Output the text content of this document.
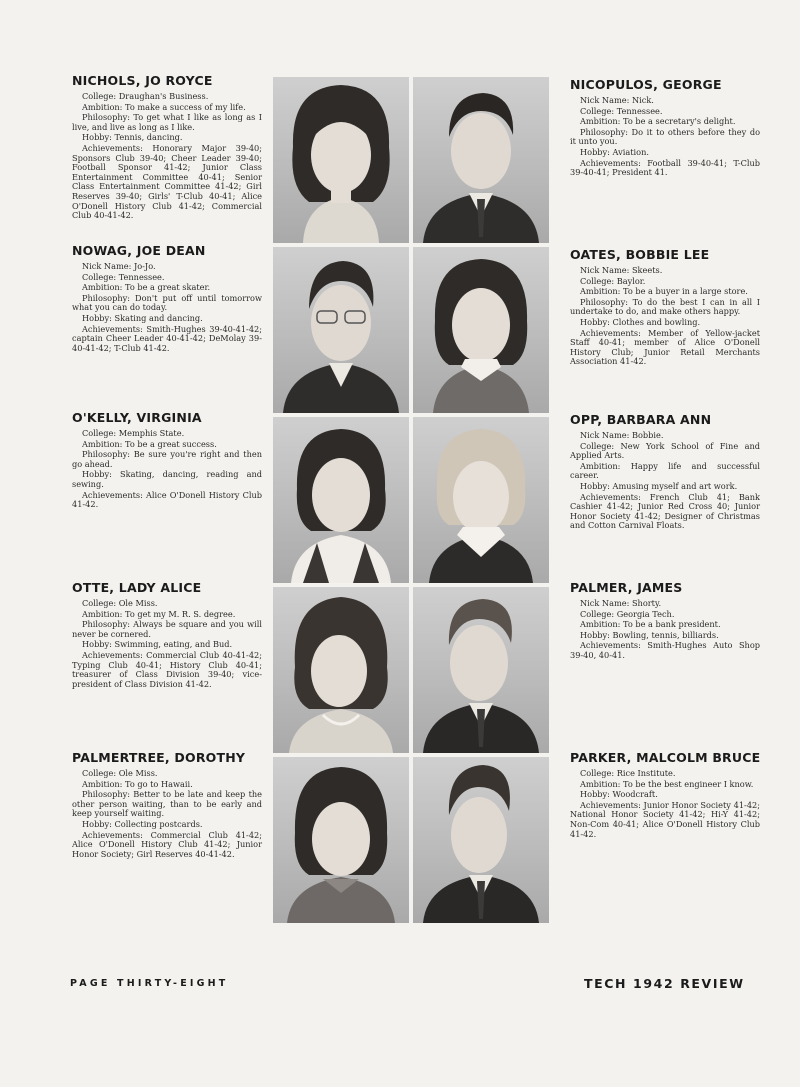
NICHOLS, JO ROYCE

College: Draughan's Business.

Ambition: To make a success of my life.

Philosophy: To get what I like as long as I live, and live as long as I like.

Hobby: Tennis, dancing.

Achievements: Honorary Major 39-40; Sponsors Club 39-40; Cheer Leader 39-40; Football Sponsor 41-42; Junior Class Entertainment Committee 40-41; Senior Class Entertainment Committee 41-42; Girl Reserves 39-40; Girls' T-Club 40-41; Alice O'Donell History Club 41-42; Commercial Club 40-41-42.

NOWAG, JOE DEAN

Nick Name: Jo-Jo.

College: Tennessee.

Ambition: To be a great skater.

Philosophy: Don't put off until tomorrow what you can do today.

Hobby: Skating and dancing.

Achievements: Smith-Hughes 39-40-41-42; captain Cheer Leader 40-41-42; DeMolay 39-40-41-42; T-Club 41-42.

O'KELLY, VIRGINIA

College: Memphis State.

Ambition: To be a great success.

Philosophy: Be sure you're right and then go ahead.

Hobby: Skating, dancing, reading and sewing.

Achievements: Alice O'Donell History Club 41-42.

OTTE, LADY ALICE

College: Ole Miss.

Ambition: To get my M. R. S. degree.

Philosophy: Always be square and you will never be cornered.

Hobby: Swimming, eating, and Bud.

Achievements: Commercial Club 40-41-42; Typing Club 40-41; History Club 40-41; treasurer of Class Division 39-40; vice-president of Class Division 41-42.

PALMERTREE, DOROTHY

College: Ole Miss.

Ambition: To go to Hawaii.

Philosophy: Better to be late and keep the other person waiting, than to be early and keep yourself waiting.

Hobby: Collecting postcards.

Achievements: Commercial Club 41-42; Alice O'Donell History Club 41-42; Junior Honor Society; Girl Reserves 40-41-42.

NICOPULOS, GEORGE

Nick Name: Nick.

College: Tennessee.

Ambition: To be a secretary's delight.

Philosophy: Do it to others before they do it unto you.

Hobby: Aviation.

Achievements: Football 39-40-41; T-Club 39-40-41; President 41.

OATES, BOBBIE LEE

Nick Name: Skeets.

College: Baylor.

Ambition: To be a buyer in a large store.

Philosophy: To do the best I can in all I undertake to do, and make others happy.

Hobby: Clothes and bowling.

Achievements: Member of Yellow-jacket Staff 40-41; member of Alice O'Donell History Club; Junior Retail Merchants Association 41-42.

OPP, BARBARA ANN

Nick Name: Bobbie.

College: New York School of Fine and Applied Arts.

Ambition: Happy life and successful career.

Hobby: Amusing myself and art work.

Achievements: French Club 41; Bank Cashier 41-42; Junior Red Cross 40; Junior Honor Society 41-42; Designer of Christmas and Cotton Carnival Floats.

PALMER, JAMES

Nick Name: Shorty.

College: Georgia Tech.

Ambition: To be a bank president.

Hobby: Bowling, tennis, billiards.

Achievements: Smith-Hughes Auto Shop 39-40, 40-41.

PARKER, MALCOLM BRUCE

College: Rice Institute.

Ambition: To be the best engineer I know.

Hobby: Woodcraft.

Achievements: Junior Honor Society 41-42; National Honor Society 41-42; Hi-Y 41-42; Non-Com 40-41; Alice O'Donell History Club 41-42.

PAGE THIRTY-EIGHT	TECH 1942 REVIEW
